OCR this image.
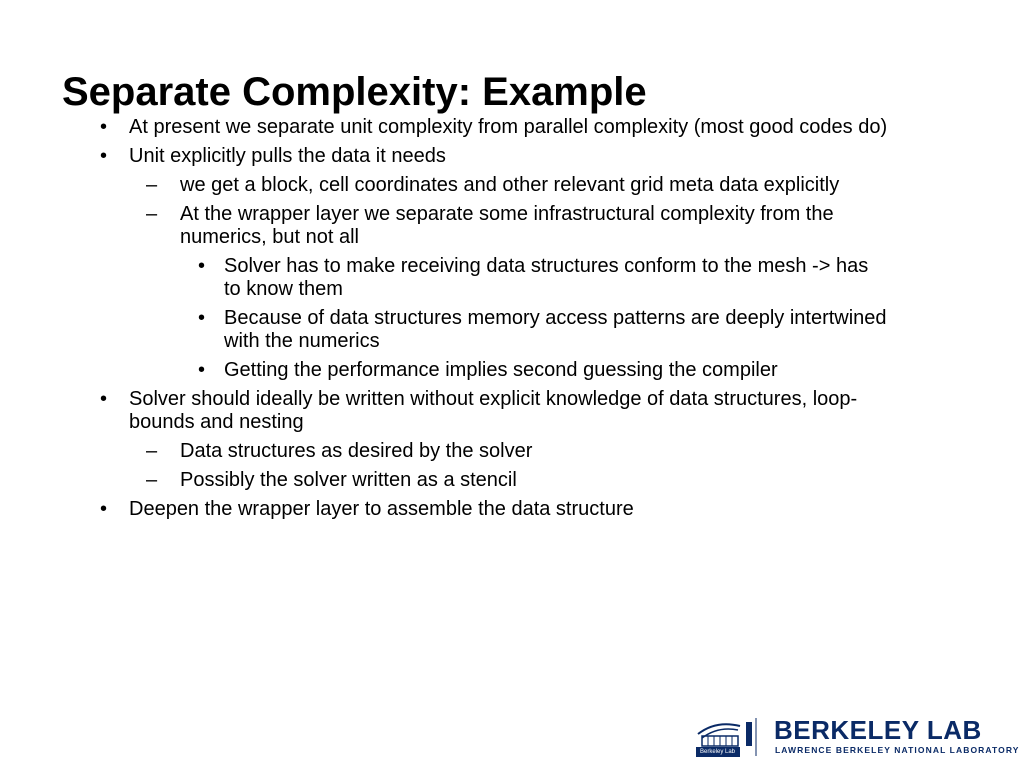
Separate Complexity: Example
• At present we separate unit complexity from parallel complexity (most good codes do)
• Unit explicitly pulls the data it needs
– we get a block, cell coordinates and other relevant grid meta data explicitly
– At the wrapper layer we separate some infrastructural complexity from the numerics, but not all
• Solver has to make receiving data structures conform to the mesh -> has to know them
• Because of data structures memory access patterns are deeply intertwined with the numerics
• Getting the performance implies second guessing the compiler
• Solver should ideally be written without explicit knowledge of data structures, loop-bounds and nesting
– Data structures as desired by the solver
– Possibly the solver written as a stencil
• Deepen the wrapper layer to assemble the data structure
Berkeley Lab
BERKELEY LAB
LAWRENCE BERKELEY NATIONAL LABORATORY
